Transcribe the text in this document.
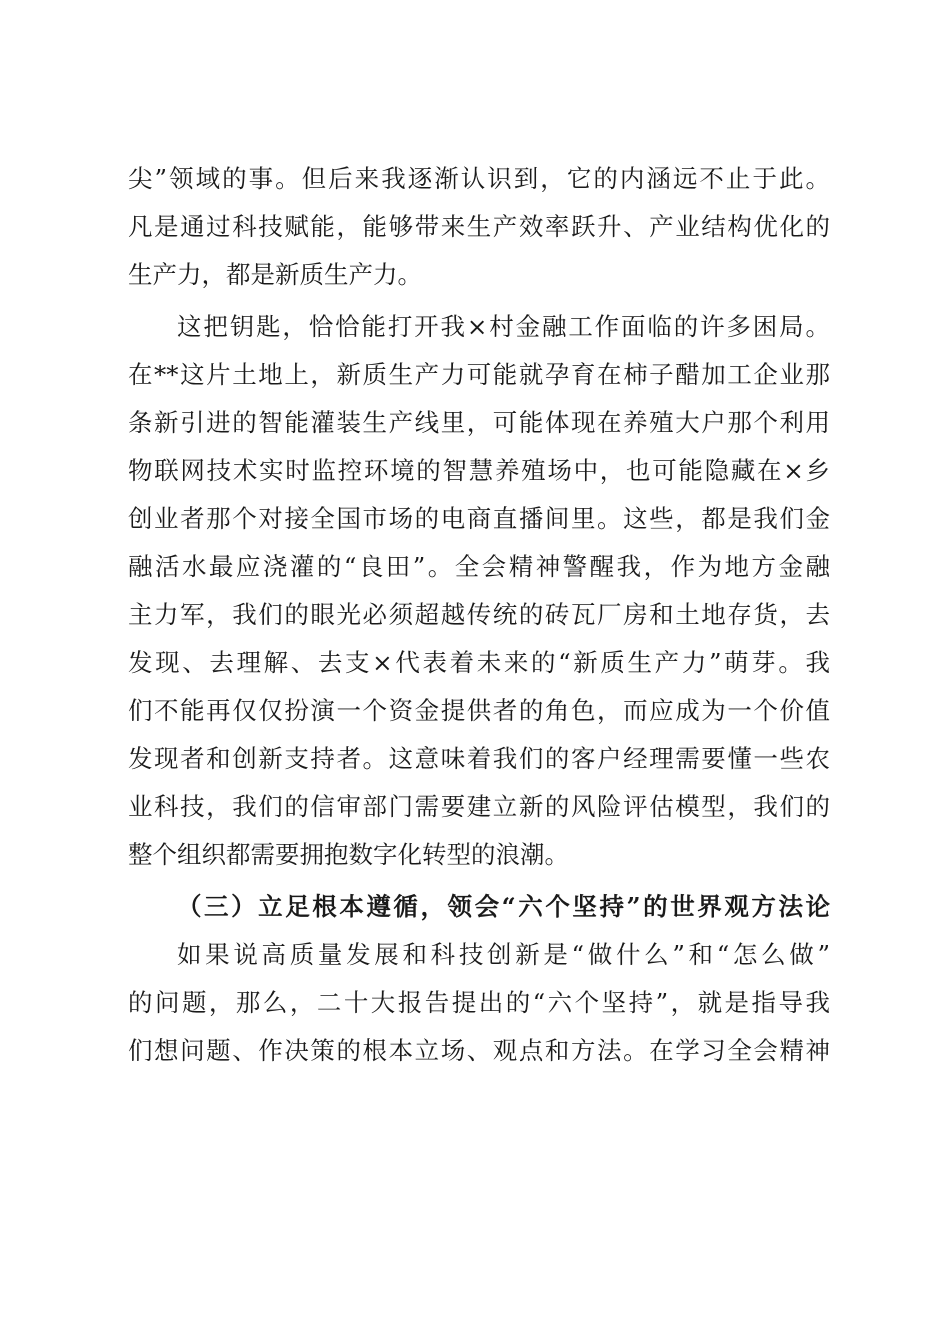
尖”领域的事。但后来我逐渐认识到，它的内涵远不止于此。
凡是通过科技赋能，能够带来生产效率跃升、产业结构优化的
生产力，都是新质生产力。
这把钥匙，恰恰能打开我×村金融工作面临的许多困局。
在**这片土地上，新质生产力可能就孕育在柿子醋加工企业那
条新引进的智能灌装生产线里，可能体现在养殖大户那个利用
物联网技术实时监控环境的智慧养殖场中，也可能隐藏在×乡
创业者那个对接全国市场的电商直播间里。这些，都是我们金
融活水最应浇灌的“良田”。全会精神警醒我，作为地方金融
主力军，我们的眼光必须超越传统的砖瓦厂房和土地存货，去
发现、去理解、去支×代表着未来的“新质生产力”萌芽。我
们不能再仅仅扮演一个资金提供者的角色，而应成为一个价值
发现者和创新支持者。这意味着我们的客户经理需要懂一些农
业科技，我们的信审部门需要建立新的风险评估模型，我们的
整个组织都需要拥抱数字化转型的浪潮。
（三）立足根本遵循，领会“六个坚持”的世界观方法论
如果说高质量发展和科技创新是“做什么”和“怎么做”
的问题，那么，二十大报告提出的“六个坚持”，就是指导我
们想问题、作决策的根本立场、观点和方法。在学习全会精神
